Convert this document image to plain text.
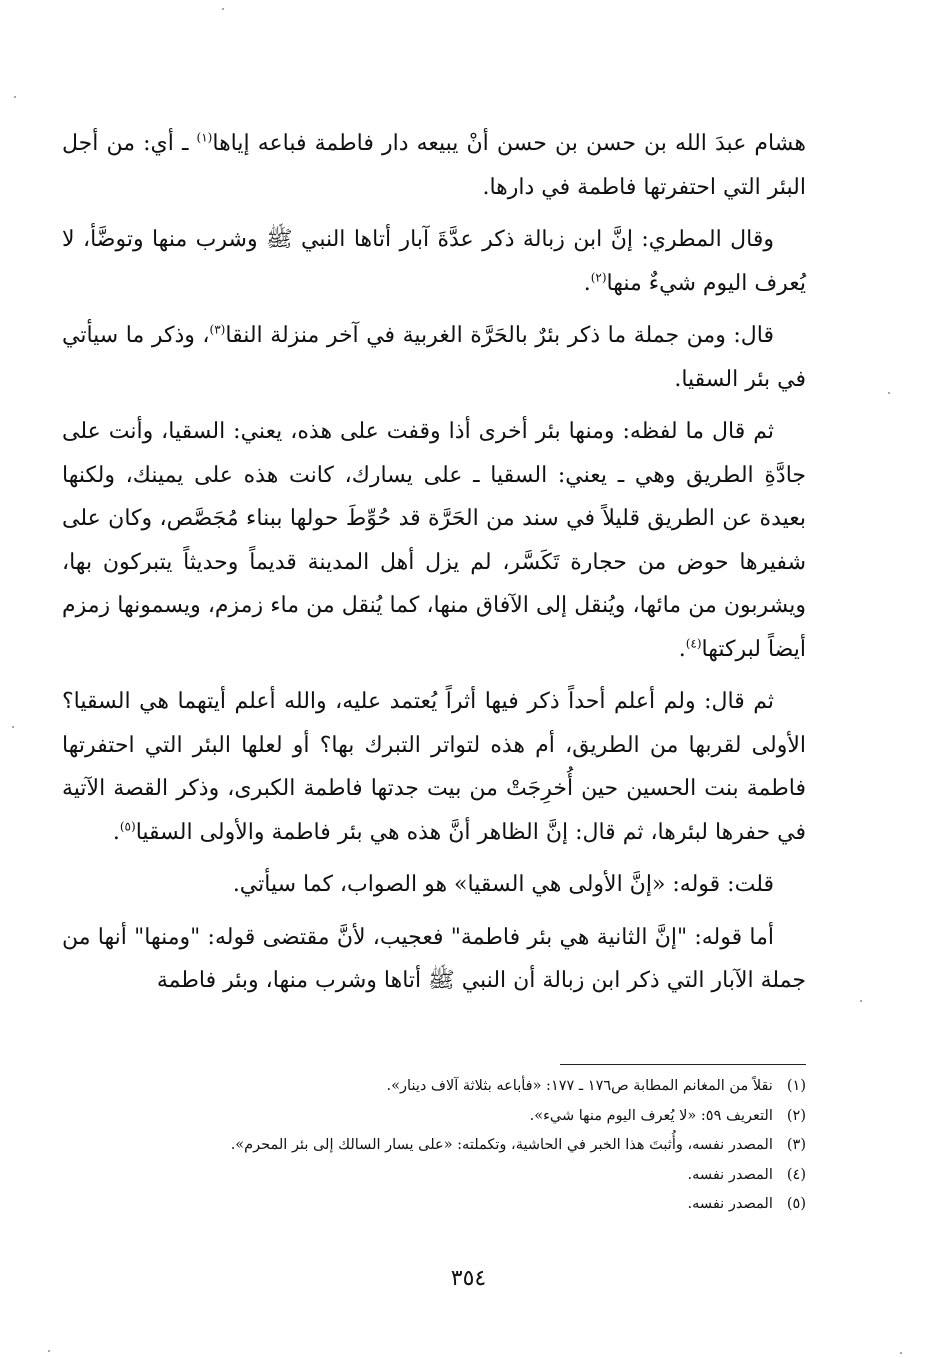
هشام عبدَ الله بن حسن بن حسن أنْ يبيعه دار فاطمة فباعه إياها$^{(١)}$ ـ أي: من أجل البئر التي احتفرتها فاطمة في دارها.

وقال المطري: إنَّ ابن زبالة ذكر عدَّةَ آبار أتاها النبي ﷺ وشرب منها وتوضَّأ، لا يُعرف اليوم شيءٌ منها$^{(٢)}$.

قال: ومن جملة ما ذكر بئرٌ بالحَرَّة الغربية في آخر منزلة النقا$^{(٣)}$، وذكر ما سيأتي في بئر السقيا.

ثم قال ما لفظه: ومنها بئر أخرى أذا وقفت على هذه، يعني: السقيا، وأنت على جادَّةِ الطريق وهي ـ يعني: السقيا ـ على يسارك، كانت هذه على يمينك، ولكنها بعيدة عن الطريق قليلاً في سند من الحَرَّة قد حُوِّطَ حولها ببناء مُجَصَّص، وكان على شفيرها حوض من حجارة تَكَسَّر، لم يزل أهل المدينة قديماً وحديثاً يتبركون بها، ويشربون من مائها، ويُنقل إلى الآفاق منها، كما يُنقل من ماء زمزم، ويسمونها زمزم أيضاً لبركتها$^{(٤)}$.

ثم قال: ولم أعلم أحداً ذكر فيها أثراً يُعتمد عليه، والله أعلم أيتهما هي السقيا؟ الأولى لقربها من الطريق، أم هذه لتواتر التبرك بها؟ أو لعلها البئر التي احتفرتها فاطمة بنت الحسين حين أُخرِجَتْ من بيت جدتها فاطمة الكبرى، وذكر القصة الآتية في حفرها لبئرها، ثم قال: إنَّ الظاهر أنَّ هذه هي بئر فاطمة والأولى السقيا$^{(٥)}$.

قلت: قوله: «إنَّ الأولى هي السقيا» هو الصواب، كما سيأتي.

أما قوله: "إنَّ الثانية هي بئر فاطمة" فعجيب، لأنَّ مقتضى قوله: "ومنها" أنها من جملة الآبار التي ذكر ابن زبالة أن النبي ﷺ أتاها وشرب منها، وبئر فاطمة

(١)نقلاً من المغانم المطابة ص١٧٦ ـ ١٧٧: «فأباعه بثلاثة آلاف دينار».
(٢)التعريف ٥٩: «لا يُعرف اليوم منها شيء».
(٣)المصدر نفسه، وأُثبتَ هذا الخبر في الحاشية، وتكملته: «على يسار السالك إلى بئر المحرم».
(٤)المصدر نفسه.
(٥)المصدر نفسه.
٣٥٤
